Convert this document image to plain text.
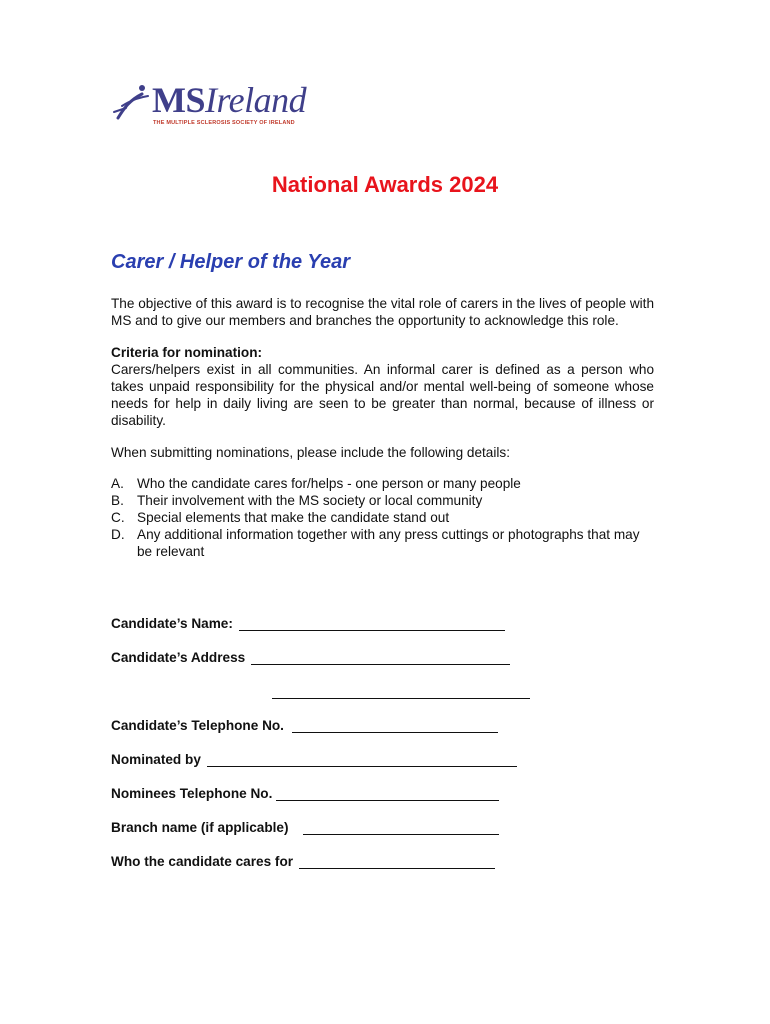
MSIreland
THE MULTIPLE SCLEROSIS SOCIETY OF IRELAND
National Awards 2024
Carer / Helper of the Year

The objective of this award is to recognise the vital role of carers in the lives of people with MS and to give our members and branches the opportunity to acknowledge this role.

Criteria for nomination:

Carers/helpers exist in all communities. An informal carer is defined as a person who takes unpaid responsibility for the physical and/or mental well-being of someone whose needs for help in daily living are seen to be greater than normal, because of illness or disability.

When submitting nominations, please include the following details:

A. Who the candidate cares for/helps - one person or many people
B. Their involvement with the MS society or local community
C. Special elements that make the candidate stand out
D. Any additional information together with any press cuttings or photographs that may be relevant
Candidate’s Name:
Candidate’s Address
Candidate’s Telephone No.
Nominated by
Nominees Telephone No.
Branch name (if applicable)
Who the candidate cares for
